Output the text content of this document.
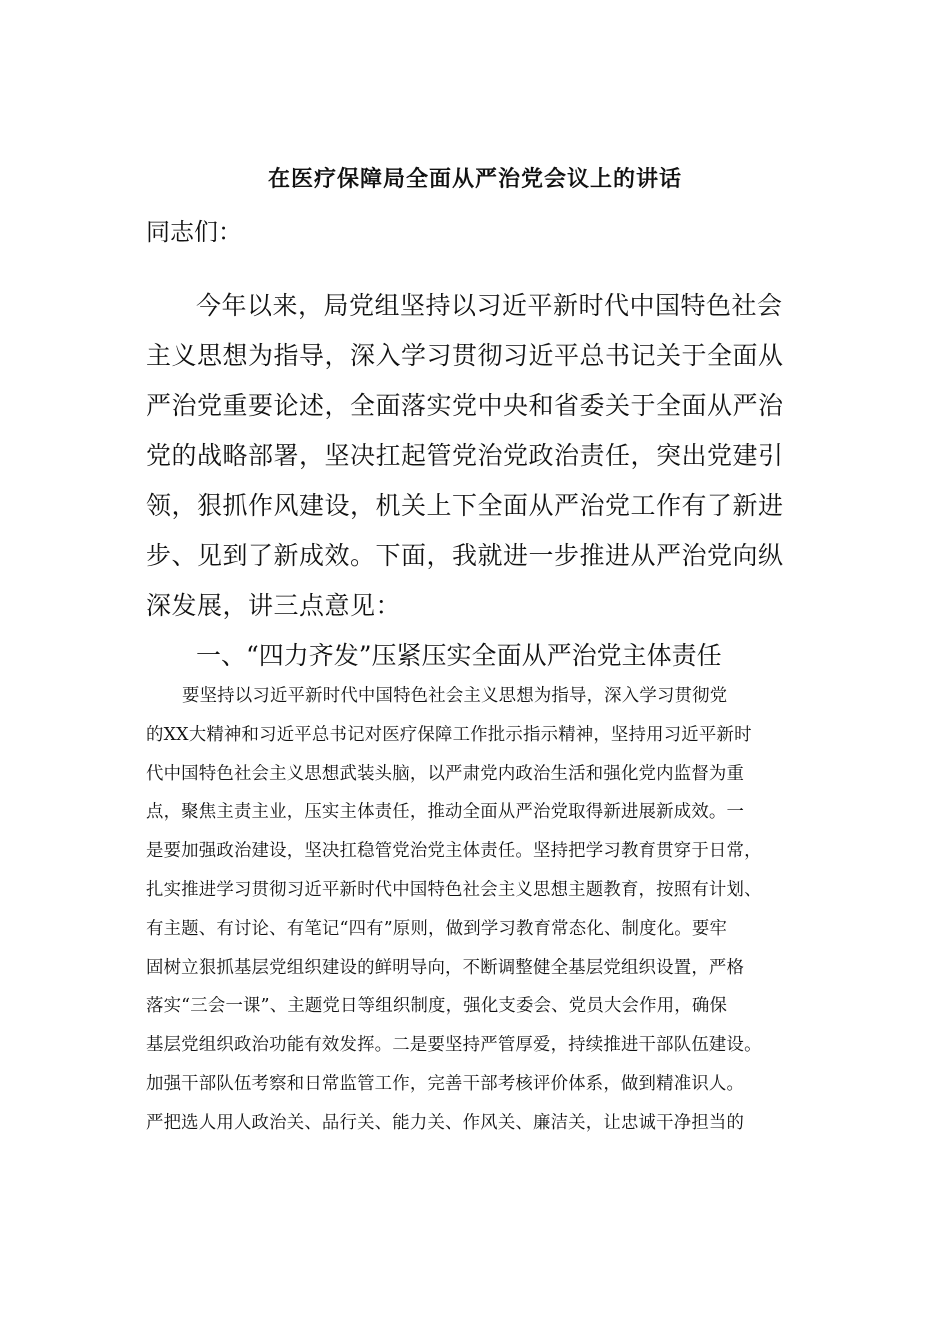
在医疗保障局全面从严治党会议上的讲话
同志们：
今年以来，局党组坚持以习近平新时代中国特色社会
主义思想为指导，深入学习贯彻习近平总书记关于全面从
严治党重要论述，全面落实党中央和省委关于全面从严治
党的战略部署，坚决扛起管党治党政治责任，突出党建引
领，狠抓作风建设，机关上下全面从严治党工作有了新进
步、见到了新成效。下面，我就进一步推进从严治党向纵
深发展，讲三点意见：
一、“四力齐发”压紧压实全面从严治党主体责任
要坚持以习近平新时代中国特色社会主义思想为指导，深入学习贯彻党
的XX大精神和习近平总书记对医疗保障工作批示指示精神，坚持用习近平新时
代中国特色社会主义思想武装头脑，以严肃党内政治生活和强化党内监督为重
点，聚焦主责主业，压实主体责任，推动全面从严治党取得新进展新成效。一
是要加强政治建设，坚决扛稳管党治党主体责任。坚持把学习教育贯穿于日常，
扎实推进学习贯彻习近平新时代中国特色社会主义思想主题教育，按照有计划、
有主题、有讨论、有笔记“四有”原则，做到学习教育常态化、制度化。要牢
固树立狠抓基层党组织建设的鲜明导向，不断调整健全基层党组织设置，严格
落实“三会一课”、主题党日等组织制度，强化支委会、党员大会作用，确保
基层党组织政治功能有效发挥。二是要坚持严管厚爱，持续推进干部队伍建设。
加强干部队伍考察和日常监管工作，完善干部考核评价体系，做到精准识人。
严把选人用人政治关、品行关、能力关、作风关、廉洁关，让忠诚干净担当的
